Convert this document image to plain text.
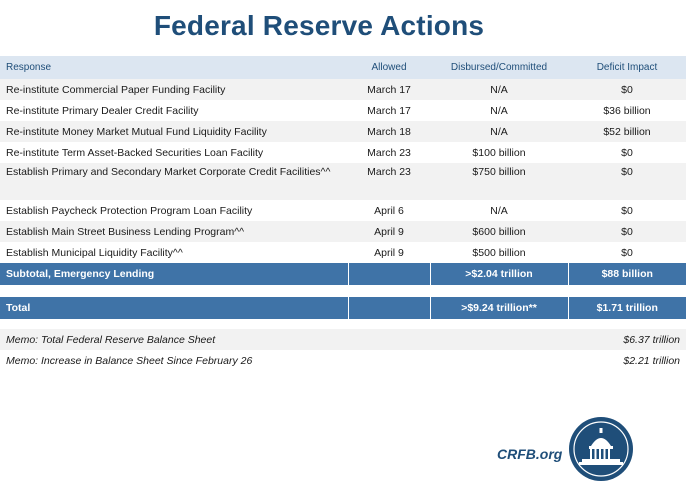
Federal Reserve Actions
Response	Allowed	Disbursed/Committed	Deficit Impact
Re-institute Commercial Paper Funding Facility	March 17	N/A	$0
Re-institute Primary Dealer Credit Facility	March 17	N/A	$36 billion
Re-institute Money Market Mutual Fund Liquidity Facility	March 18	N/A	$52 billion
Re-institute Term Asset-Backed Securities Loan Facility	March 23	$100 billion	$0
Establish Primary and Secondary Market Corporate Credit Facilities^^	March 23	$750 billion	$0
Establish Paycheck Protection Program Loan Facility	April 6	N/A	$0
Establish Main Street Business Lending Program^^	April 9	$600 billion	$0
Establish Municipal Liquidity Facility^^	April 9	$500 billion	$0
Subtotal, Emergency Lending		>$2.04 trillion	$88 billion

Total		>$9.24 trillion**	$1.71 trillion

Memo: Total Federal Reserve Balance Sheet			$6.37 trillion
Memo: Increase in Balance Sheet Since February 26			$2.21 trillion
CRFB.org
